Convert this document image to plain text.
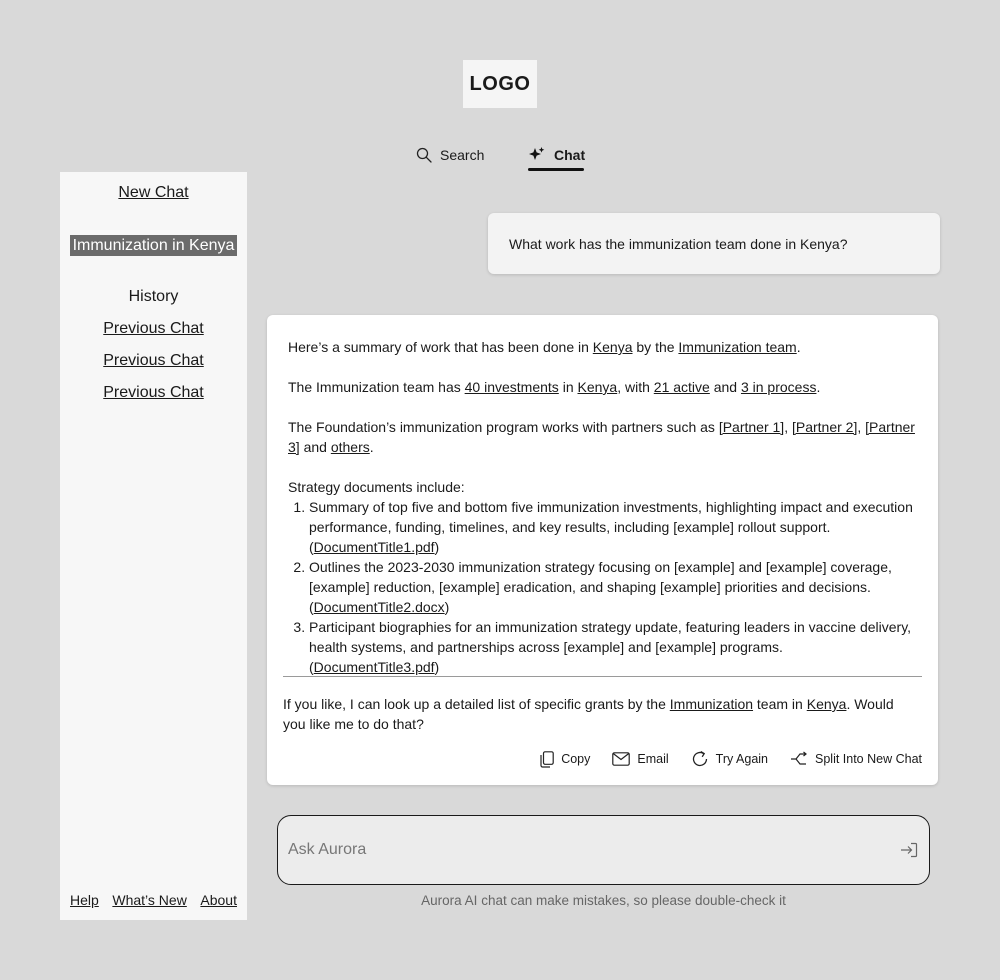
LOGO
Search	Chat
New Chat
Immunization in Kenya
History
Previous Chat
Previous Chat
Previous Chat
Help What’s New About
What work has the immunization team done in Kenya?

Here’s a summary of work that has been done in Kenya by the Immunization team.

The Immunization team has 40 investments in Kenya, with 21 active and 3 in process.

The Foundation’s immunization program works with partners such as [Partner 1], [Partner 2], [Partner 3] and others.

Strategy documents include:

1. Summary of top five and bottom five immunization investments, highlighting impact and execution performance, funding, timelines, and key results, including [example] rollout support. (DocumentTitle1.pdf)
2. Outlines the 2023-2030 immunization strategy focusing on [example] and [example] coverage, [example] reduction, [example] eradication, and shaping [example] priorities and decisions. (DocumentTitle2.docx)
3. Participant biographies for an immunization strategy update, featuring leaders in vaccine delivery, health systems, and partnerships across [example] and [example] programs. (DocumentTitle3.pdf)

If you like, I can look up a detailed list of specific grants by the Immunization team in Kenya. Would you like me to do that?

Copy	Email	Try Again	Split Into New Chat
Ask Aurora
Aurora AI chat can make mistakes, so please double-check it
